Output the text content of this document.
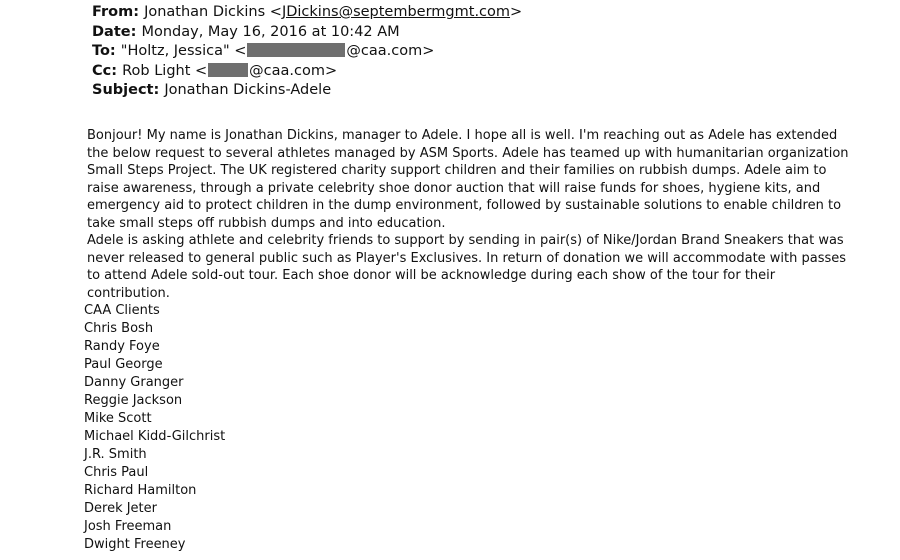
From: Jonathan Dickins <JDickins@septembermgmt.com>
Date: Monday, May 16, 2016 at 10:42 AM
To: "Holtz, Jessica" <	@caa.com>
Cc: Rob Light <	@caa.com>
Subject: Jonathan Dickins-Adele

Bonjour! My name is Jonathan Dickins, manager to Adele. I hope all is well. I'm reaching out as Adele has extended the below request to several athletes managed by ASM Sports. Adele has teamed up with humanitarian organization Small Steps Project. The UK registered charity support children and their families on rubbish dumps. Adele aim to raise awareness, through a private celebrity shoe donor auction that will raise funds for shoes, hygiene kits, and emergency aid to protect children in the dump environment, followed by sustainable solutions to enable children to take small steps off rubbish dumps and into education.

Adele is asking athlete and celebrity friends to support by sending in pair(s) of Nike/Jordan Brand Sneakers that was never released to general public such as Player's Exclusives. In return of donation we will accommodate with passes to attend Adele sold-out tour. Each shoe donor will be acknowledge during each show of the tour for their contribution.

CAA Clients
Chris Bosh
Randy Foye
Paul George
Danny Granger
Reggie Jackson
Mike Scott
Michael Kidd-Gilchrist
J.R. Smith
Chris Paul
Richard Hamilton
Derek Jeter
Josh Freeman
Dwight Freeney
